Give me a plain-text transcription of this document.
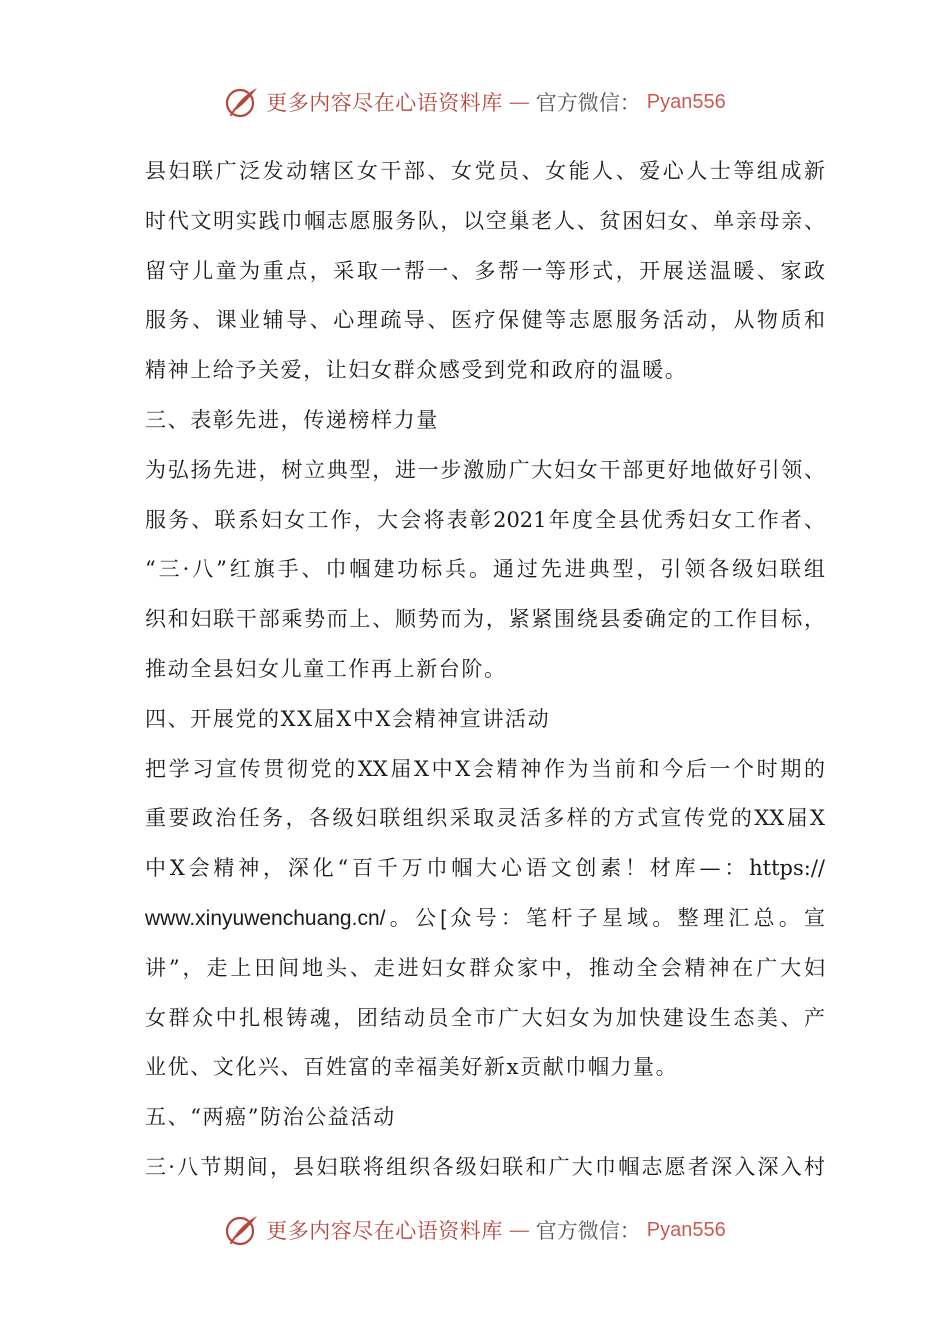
更多内容尽在心语资料库 — 官方微信： Pyan556
县妇联广泛发动辖区女干部、女党员、女能人、爱心人士等组成新
时代文明实践巾帼志愿服务队，以空巢老人、贫困妇女、单亲母亲、
留守儿童为重点，采取一帮一、多帮一等形式，开展送温暖、家政
服务、课业辅导、心理疏导、医疗保健等志愿服务活动，从物质和
精神上给予关爱，让妇女群众感受到党和政府的温暖。
三、表彰先进，传递榜样力量
为弘扬先进，树立典型，进一步激励广大妇女干部更好地做好引领、
服务、联系妇女工作，大会将表彰2021年度全县优秀妇女工作者、
“三·八”红旗手、巾帼建功标兵。通过先进典型，引领各级妇联组
织和妇联干部乘势而上、顺势而为，紧紧围绕县委确定的工作目标，
推动全县妇女儿童工作再上新台阶。
四、开展党的XX届X中X会精神宣讲活动
把学习宣传贯彻党的XX届X中X会精神作为当前和今后一个时期的
重要政治任务，各级妇联组织采取灵活多样的方式宣传党的XX届X
中X会精神，深化“百千万巾帼大心语文创素！材库—：https://
www.xinyuwenchuang.cn/。公[众号：笔杆子星域。整理汇总。宣
讲”，走上田间地头、走进妇女群众家中，推动全会精神在广大妇
女群众中扎根铸魂，团结动员全市广大妇女为加快建设生态美、产
业优、文化兴、百姓富的幸福美好新x贡献巾帼力量。
五、“两癌”防治公益活动
三·八节期间，县妇联将组织各级妇联和广大巾帼志愿者深入深入村
更多内容尽在心语资料库 — 官方微信： Pyan556
